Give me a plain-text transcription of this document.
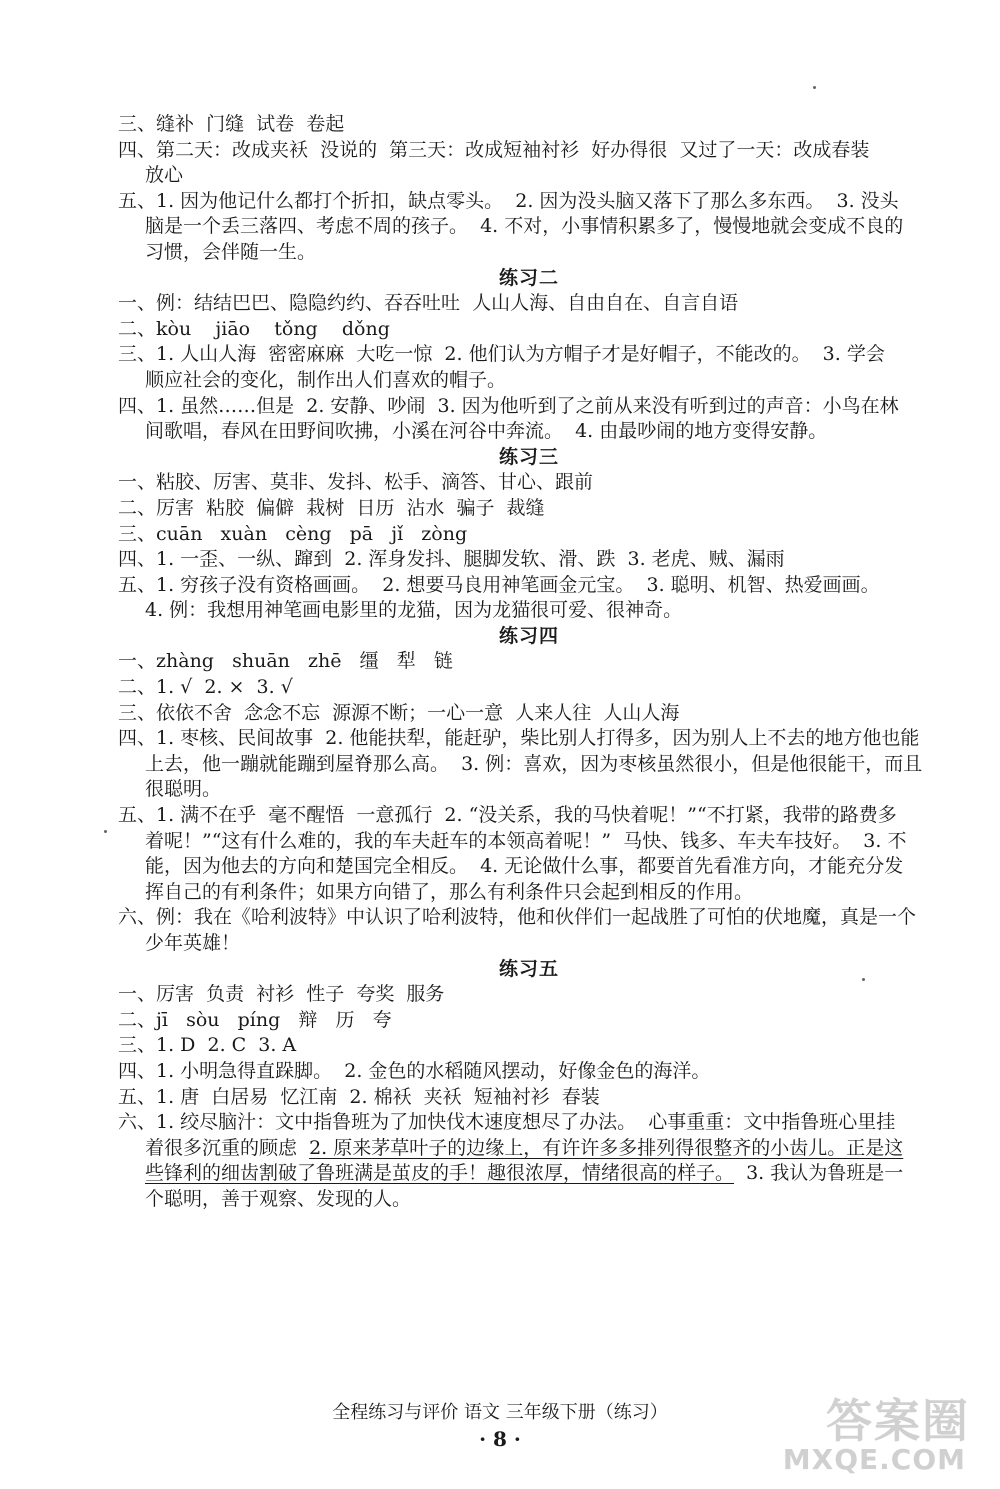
三、缝补  门缝  试卷  卷起
四、第二天：改成夹袄  没说的  第三天：改成短袖衬衫  好办得很  又过了一天：改成春装
放心
五、1. 因为他记什么都打个折扣，缺点零头。  2. 因为没头脑又落下了那么多东西。  3. 没头
脑是一个丢三落四、考虑不周的孩子。  4. 不对，小事情积累多了，慢慢地就会变成不良的
习惯，会伴随一生。
练习二
一、例：结结巴巴、隐隐约约、吞吞吐吐  人山人海、自由自在、自言自语
二、kòu    jiāo    tǒng    dǒng
三、1. 人山人海  密密麻麻  大吃一惊  2. 他们认为方帽子才是好帽子，不能改的。  3. 学会
顺应社会的变化，制作出人们喜欢的帽子。
四、1. 虽然……但是  2. 安静、吵闹  3. 因为他听到了之前从来没有听到过的声音：小鸟在林
间歌唱，春风在田野间吹拂，小溪在河谷中奔流。  4. 由最吵闹的地方变得安静。
练习三
一、粘胶、厉害、莫非、发抖、松手、滴答、甘心、跟前
二、厉害  粘胶  偏僻  栽树  日历  沾水  骗子  裁缝
三、cuān   xuàn   cèng   pā   jǐ   zòng
四、1. 一歪、一纵、蹿到  2. 浑身发抖、腿脚发软、滑、跌  3. 老虎、贼、漏雨
五、1. 穷孩子没有资格画画。  2. 想要马良用神笔画金元宝。  3. 聪明、机智、热爱画画。
4. 例：我想用神笔画电影里的龙猫，因为龙猫很可爱、很神奇。
练习四
一、zhàng   shuān   zhē   缰   犁   链
二、1. √  2. ×  3. √
三、依依不舍  念念不忘  源源不断；一心一意  人来人往  人山人海
四、1. 枣核、民间故事  2. 他能扶犁，能赶驴，柴比别人打得多，因为别人上不去的地方他也能
上去，他一蹦就能蹦到屋脊那么高。  3. 例：喜欢，因为枣核虽然很小，但是他很能干，而且
很聪明。
五、1. 满不在乎  毫不醒悟  一意孤行  2. “没关系，我的马快着呢！”“不打紧，我带的路费多
着呢！”“这有什么难的，我的车夫赶车的本领高着呢！”  马快、钱多、车夫车技好。  3. 不
能，因为他去的方向和楚国完全相反。  4. 无论做什么事，都要首先看准方向，才能充分发
挥自己的有利条件；如果方向错了，那么有利条件只会起到相反的作用。
六、例：我在《哈利波特》中认识了哈利波特，他和伙伴们一起战胜了可怕的伏地魔，真是一个
少年英雄！
练习五
一、厉害  负责  衬衫  性子  夸奖  服务
二、jī   sòu   píng   辩   历   夸
三、1. D  2. C  3. A
四、1. 小明急得直跺脚。  2. 金色的水稻随风摆动，好像金色的海洋。
五、1. 唐  白居易  忆江南  2. 棉袄  夹袄  短袖衬衫  春装
六、1. 绞尽脑汁：文中指鲁班为了加快伐木速度想尽了办法。  心事重重：文中指鲁班心里挂
着很多沉重的顾虑  2. 原来茅草叶子的边缘上，有许许多多排列得很整齐的小齿儿。正是这
些锋利的细齿割破了鲁班满是茧皮的手！趣很浓厚，情绪很高的样子。  3. 我认为鲁班是一
个聪明，善于观察、发现的人。
全程练习与评价 语文 三年级下册（练习）
· 8 ·	答案圈
MXQE.COM
